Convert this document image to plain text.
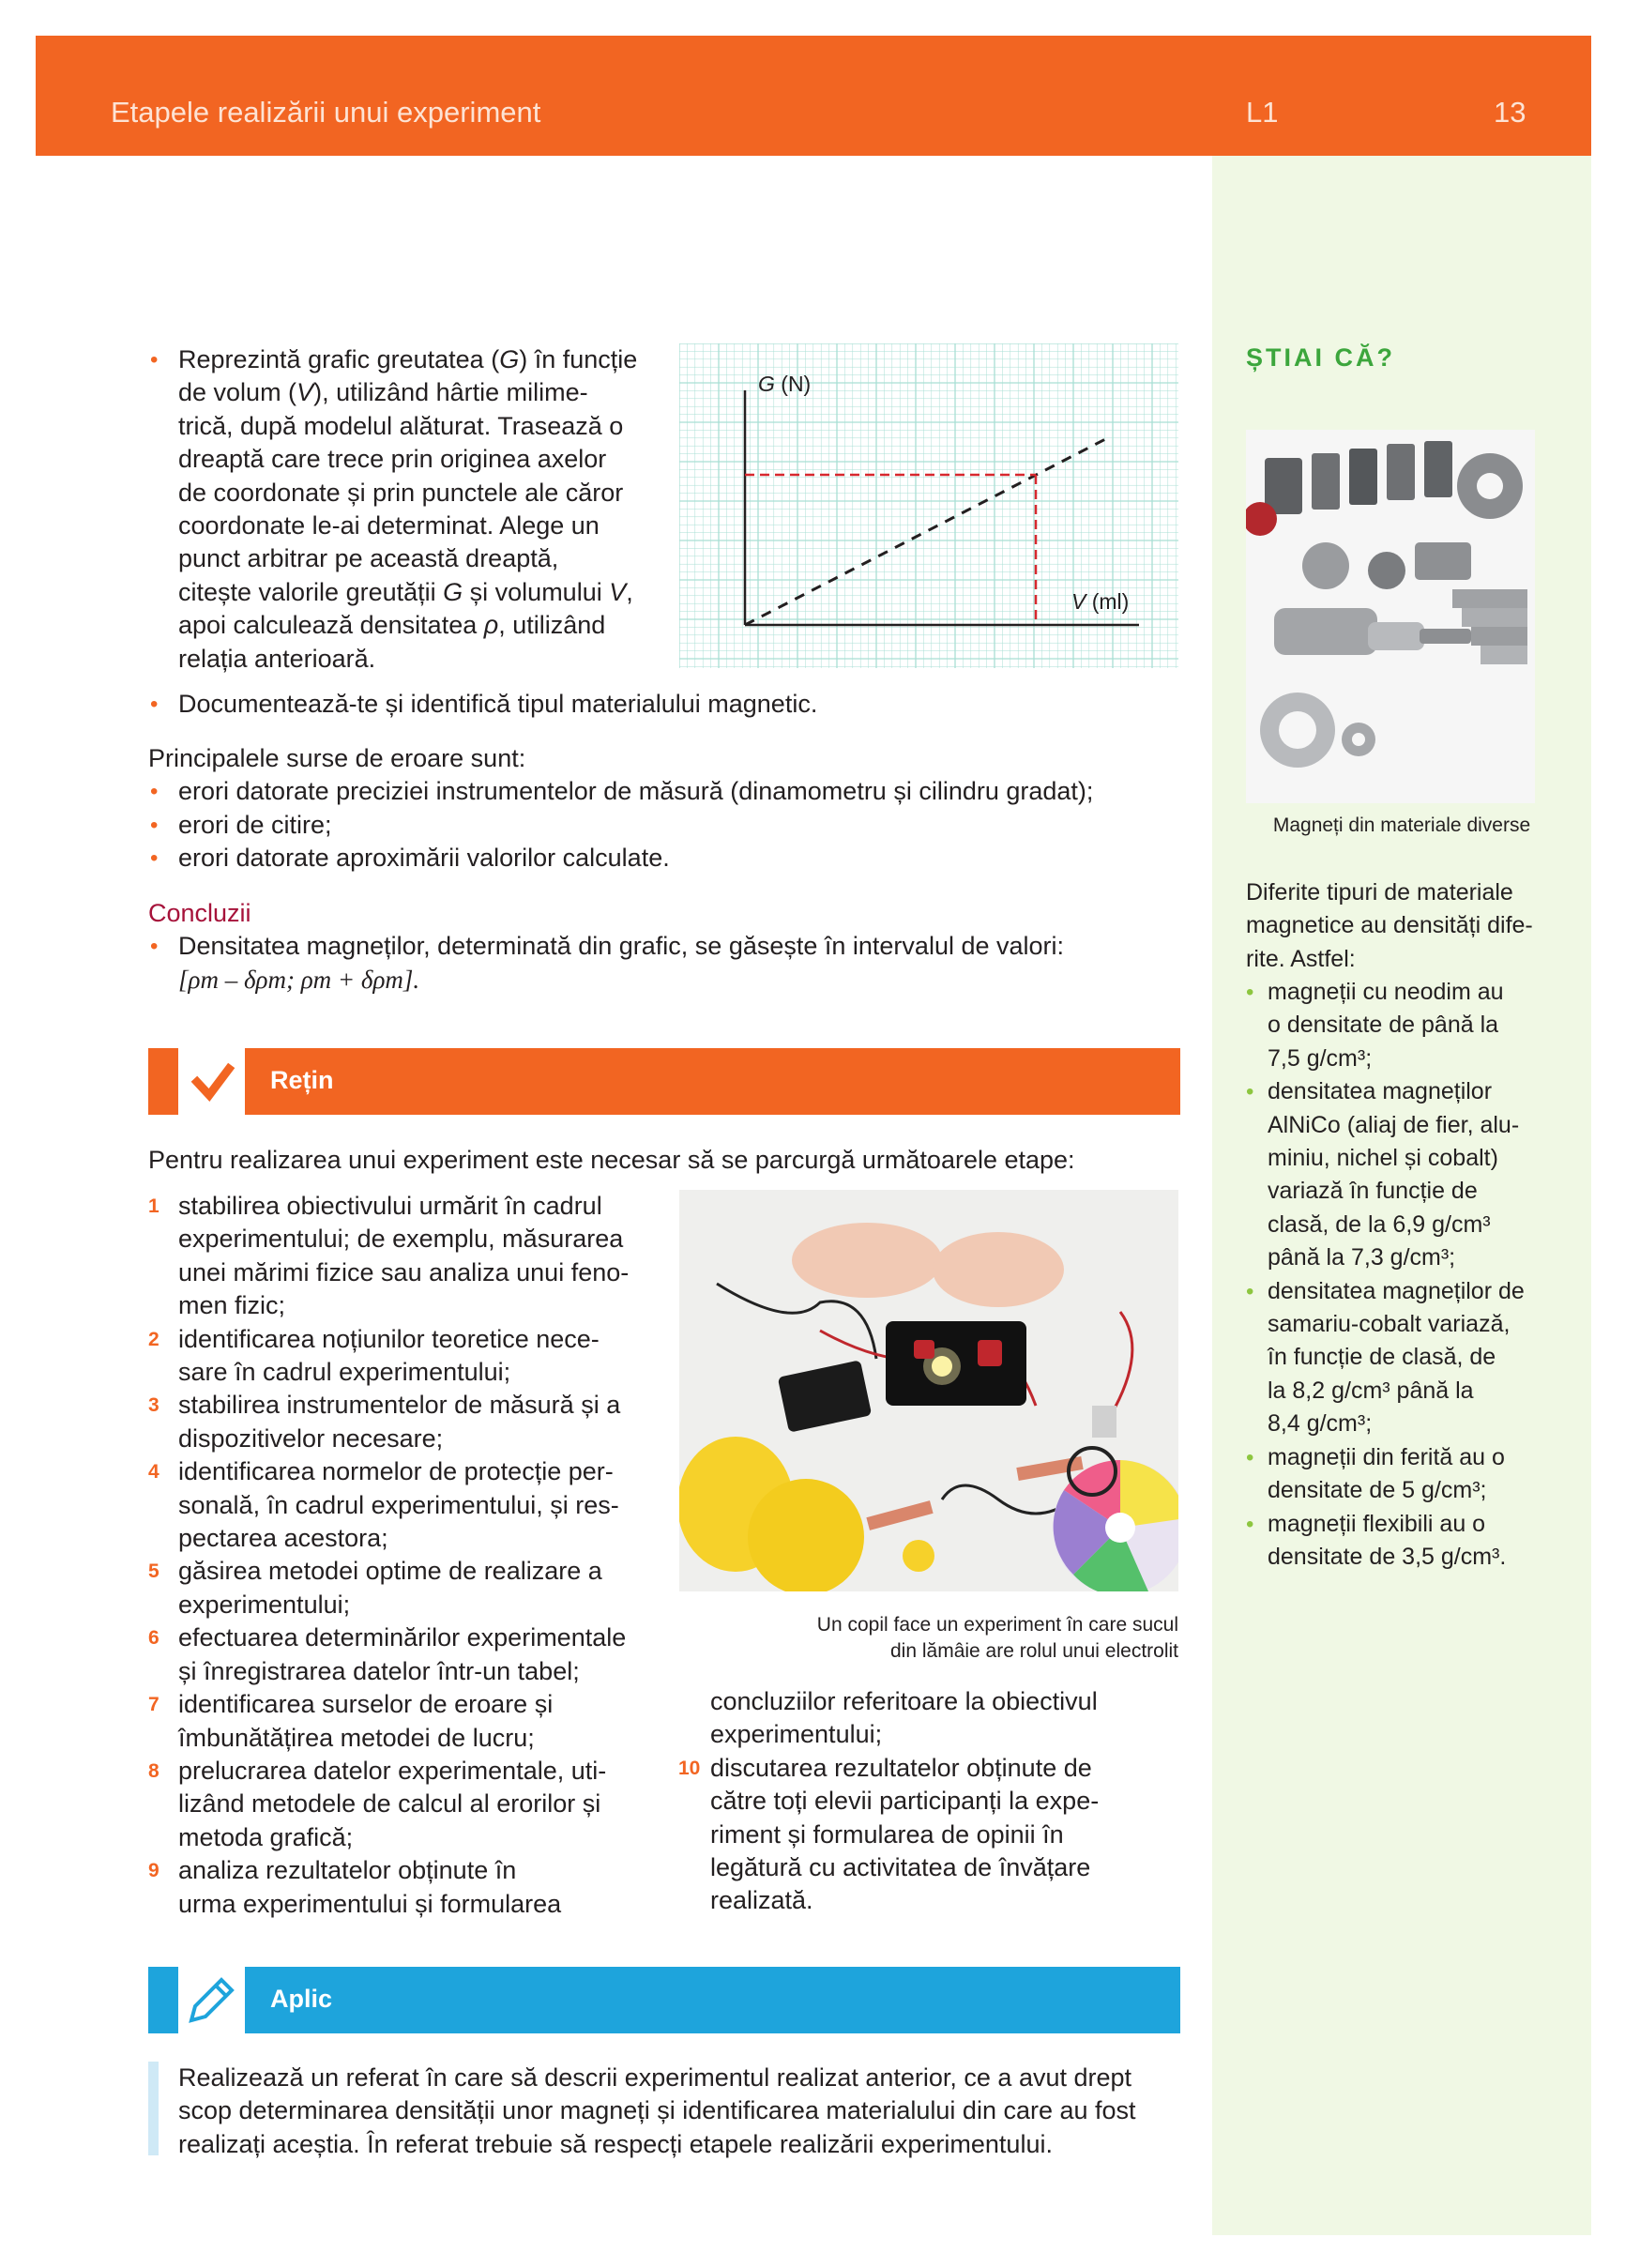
Etapele realizării unui experiment	L1	13
• Reprezintă grafic greutatea (G) în funcție
de volum (V), utilizând hârtie milime-
trică, după modelul alăturat. Trasează o
dreaptă care trece prin originea axelor
de coordonate și prin punctele ale căror
coordonate le-ai determinat. Alege un
punct arbitrar pe această dreaptă,
citește valorile greutății G și volumului V,
apoi calculează densitatea ρ, utilizând
relația anterioară.
G (N)
V (ml)
• Documentează-te și identifică tipul materialului magnetic.
Principalele surse de eroare sunt:
• erori datorate preciziei instrumentelor de măsură (dinamometru și cilindru gradat);
• erori de citire;
• erori datorate aproximării valorilor calculate.
Concluzii
• Densitatea magneților, determinată din grafic, se găsește în intervalul de valori:
[ρm – δρm; ρm + δρm].
Rețin
Pentru realizarea unui experiment este necesar să se parcurgă următoarele etape:
1 stabilirea obiectivului urmărit în cadrul
experimentului; de exemplu, măsurarea
unei mărimi fizice sau analiza unui feno-
men fizic;
2 identificarea noțiunilor teoretice nece-
sare în cadrul experimentului;
3 stabilirea instrumentelor de măsură și a
dispozitivelor necesare;
4 identificarea normelor de protecție per-
sonală, în cadrul experimentului, și res-
pectarea acestora;
5 găsirea metodei optime de realizare a
experimentului;
6 efectuarea determinărilor experimentale
și înregistrarea datelor într-un tabel;
7 identificarea surselor de eroare și
îmbunătățirea metodei de lucru;
8 prelucrarea datelor experimentale, uti-
lizând metodele de calcul al erorilor și
metoda grafică;
9 analiza rezultatelor obținute în
urma experimentului și formularea
Un copil face un experiment în care sucul
din lămâie are rolul unui electrolit
concluziilor referitoare la obiectivul
experimentului;
10 discutarea rezultatelor obținute de
către toți elevii participanți la expe-
riment și formularea de opinii în
legătură cu activitatea de învățare
realizată.
Aplic
Realizează un referat în care să descrii experimentul realizat anterior, ce a avut drept
scop determinarea densității unor magneți și identificarea materialului din care au fost
realizați aceștia. În referat trebuie să respecți etapele realizării experimentului.
ȘTIAI CĂ?
Magneți din materiale diverse
Diferite tipuri de materiale
magnetice au densități dife-
rite. Astfel:
• magneții cu neodim au
o densitate de până la
7,5 g/cm³;
• densitatea magneților
AlNiCo (aliaj de fier, alu-
miniu, nichel și cobalt)
variază în funcție de
clasă, de la 6,9 g/cm³
până la 7,3 g/cm³;
• densitatea magneților de
samariu-cobalt variază,
în funcție de clasă, de
la 8,2 g/cm³ până la
8,4 g/cm³;
• magneții din ferită au o
densitate de 5 g/cm³;
• magneții flexibili au o
densitate de 3,5 g/cm³.
